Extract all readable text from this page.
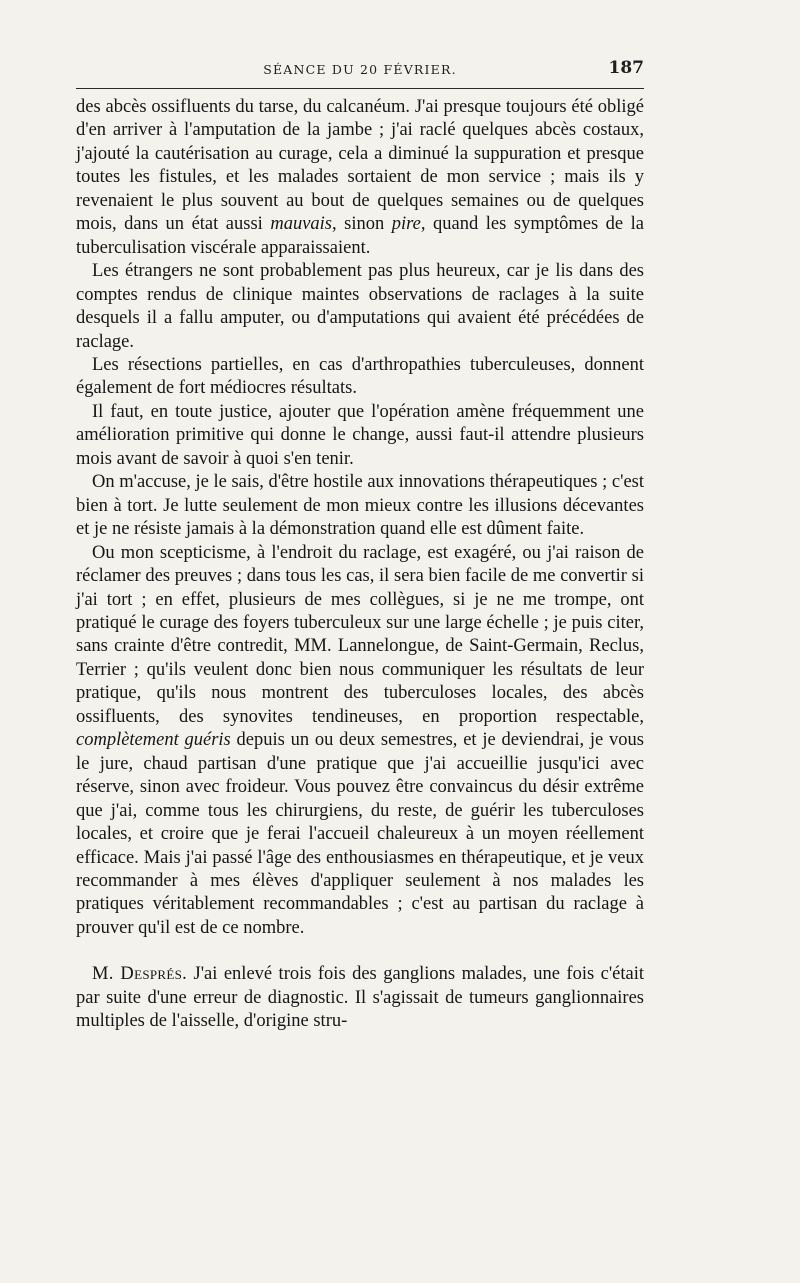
SÉANCE DU 20 FÉVRIER.	187

des abcès ossifluents du tarse, du calcanéum. J'ai presque toujours été obligé d'en arriver à l'amputation de la jambe ; j'ai raclé quelques abcès costaux, j'ajouté la cautérisation au curage, cela a diminué la suppuration et presque toutes les fistules, et les malades sortaient de mon service ; mais ils y revenaient le plus souvent au bout de quelques semaines ou de quelques mois, dans un état aussi mauvais, sinon pire, quand les symptômes de la tuberculisation viscérale apparaissaient.

Les étrangers ne sont probablement pas plus heureux, car je lis dans des comptes rendus de clinique maintes observations de raclages à la suite desquels il a fallu amputer, ou d'amputations qui avaient été précédées de raclage.

Les résections partielles, en cas d'arthropathies tuberculeuses, donnent également de fort médiocres résultats.

Il faut, en toute justice, ajouter que l'opération amène fréquemment une amélioration primitive qui donne le change, aussi faut-il attendre plusieurs mois avant de savoir à quoi s'en tenir.

On m'accuse, je le sais, d'être hostile aux innovations thérapeutiques ; c'est bien à tort. Je lutte seulement de mon mieux contre les illusions décevantes et je ne résiste jamais à la démonstration quand elle est dûment faite.

Ou mon scepticisme, à l'endroit du raclage, est exagéré, ou j'ai raison de réclamer des preuves ; dans tous les cas, il sera bien facile de me convertir si j'ai tort ; en effet, plusieurs de mes collègues, si je ne me trompe, ont pratiqué le curage des foyers tuberculeux sur une large échelle ; je puis citer, sans crainte d'être contredit, MM. Lannelongue, de Saint-Germain, Reclus, Terrier ; qu'ils veulent donc bien nous communiquer les résultats de leur pratique, qu'ils nous montrent des tuberculoses locales, des abcès ossifluents, des synovites tendineuses, en proportion respectable, complètement guéris depuis un ou deux semestres, et je deviendrai, je vous le jure, chaud partisan d'une pratique que j'ai accueillie jusqu'ici avec réserve, sinon avec froideur. Vous pouvez être convaincus du désir extrême que j'ai, comme tous les chirurgiens, du reste, de guérir les tuberculoses locales, et croire que je ferai l'accueil chaleureux à un moyen réellement efficace. Mais j'ai passé l'âge des enthousiasmes en thérapeutique, et je veux recommander à mes élèves d'appliquer seulement à nos malades les pratiques véritablement recommandables ; c'est au partisan du raclage à prouver qu'il est de ce nombre.

M. Després. J'ai enlevé trois fois des ganglions malades, une fois c'était par suite d'une erreur de diagnostic. Il s'agissait de tumeurs ganglionnaires multiples de l'aisselle, d'origine stru-
